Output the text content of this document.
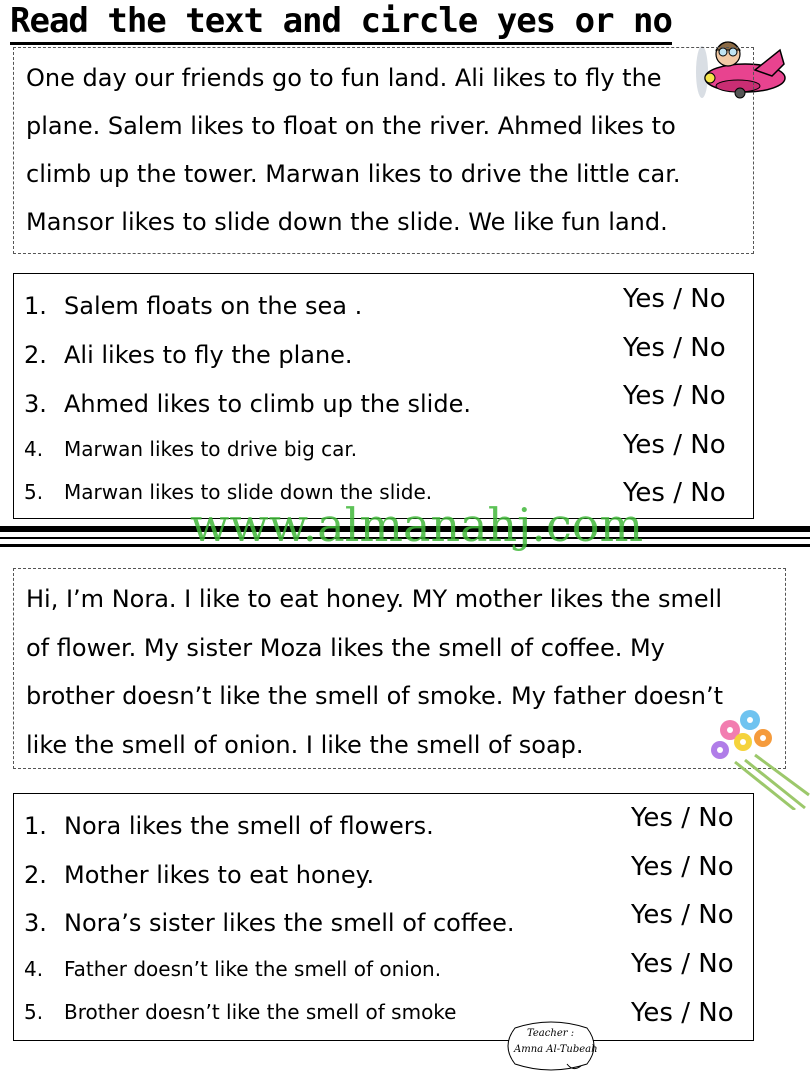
Read the text and circle yes or no
One day our friends go to fun land. Ali likes to fly the
plane. Salem likes to float on the river. Ahmed likes to
climb up the tower. Marwan likes to drive the little car.
Mansor likes to slide down the slide. We like fun land.
1. Salem floats on the sea .	Yes / No
2. Ali likes to fly the plane.	Yes / No
3. Ahmed likes to climb up the slide.	Yes / No
4. Marwan likes to drive big car.	Yes / No
5. Marwan likes to slide down the slide.	Yes / No
www.almanahj.com
Hi, I’m Nora. I like to eat honey. MY mother likes the smell
of flower. My sister Moza likes the smell of coffee. My
brother doesn’t like the smell of smoke. My father doesn’t
like the smell of onion. I like the smell of soap.
1. Nora likes the smell of flowers.	Yes / No
2. Mother likes to eat honey.	Yes / No
3. Nora’s sister likes the smell of coffee.	Yes / No
4. Father doesn’t like the smell of onion.	Yes / No
5. Brother doesn’t like the smell of smoke	Yes / No
Teacher :
Amna Al-Tubeah
